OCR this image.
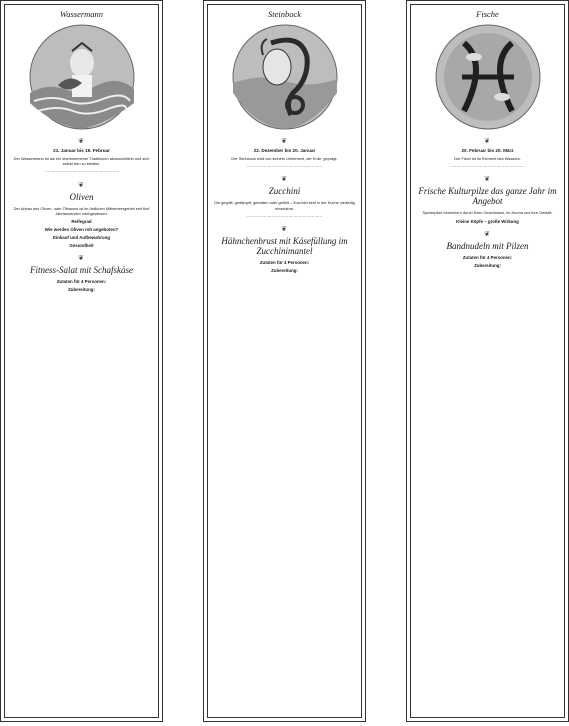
Wassermann
❦
21. Januar bis 19. Februar
Der Wassermann ist als ein überkommener Traditionen abzuschütteln und sich selbst treu zu bleiben.
··························································
❦
Oliven
Der Anbau des Oliven- oder Ölbaums ist im östlichen Mittelmeergebiet seit fünf Jahrtausenden nachgewiesen.
Reifegrad
Wie werden Oliven roh angeboten?
Einkauf und Aufbewahrung
Gesundheit
❦
Fitness-Salat mit Schafskäse
Zutaten für 4 Personen:
Zubereitung:
Steinbock
❦
22. Dezember bis 20. Januar
Der Steinbock wird von seinem Urelement, der Erde, geprägt.
··························································
❦
Zucchini
Die gegrillt, gedämpft, gebraten oder gefüllt – Zucchini sind in der Küche vielseitig einsetzbar.
··························································
❦
Hähnchenbrust mit Käsefüllung im Zucchinimantel
Zutaten für 4 Personen:
Zubereitung:
Fische
❦
20. Februar bis 20. März
Der Fisch ist im Element des Wassers.
··························································
❦
Frische Kulturpilze das ganze Jahr im Angebot
Speisepilze bereichern durch ihren Geschmack, ihr Aroma und ihre Gestalt.
Kleine Köpfe – große Wirkung
❦
Bandnudeln mit Pilzen
Zutaten für 4 Personen:
Zubereitung:
